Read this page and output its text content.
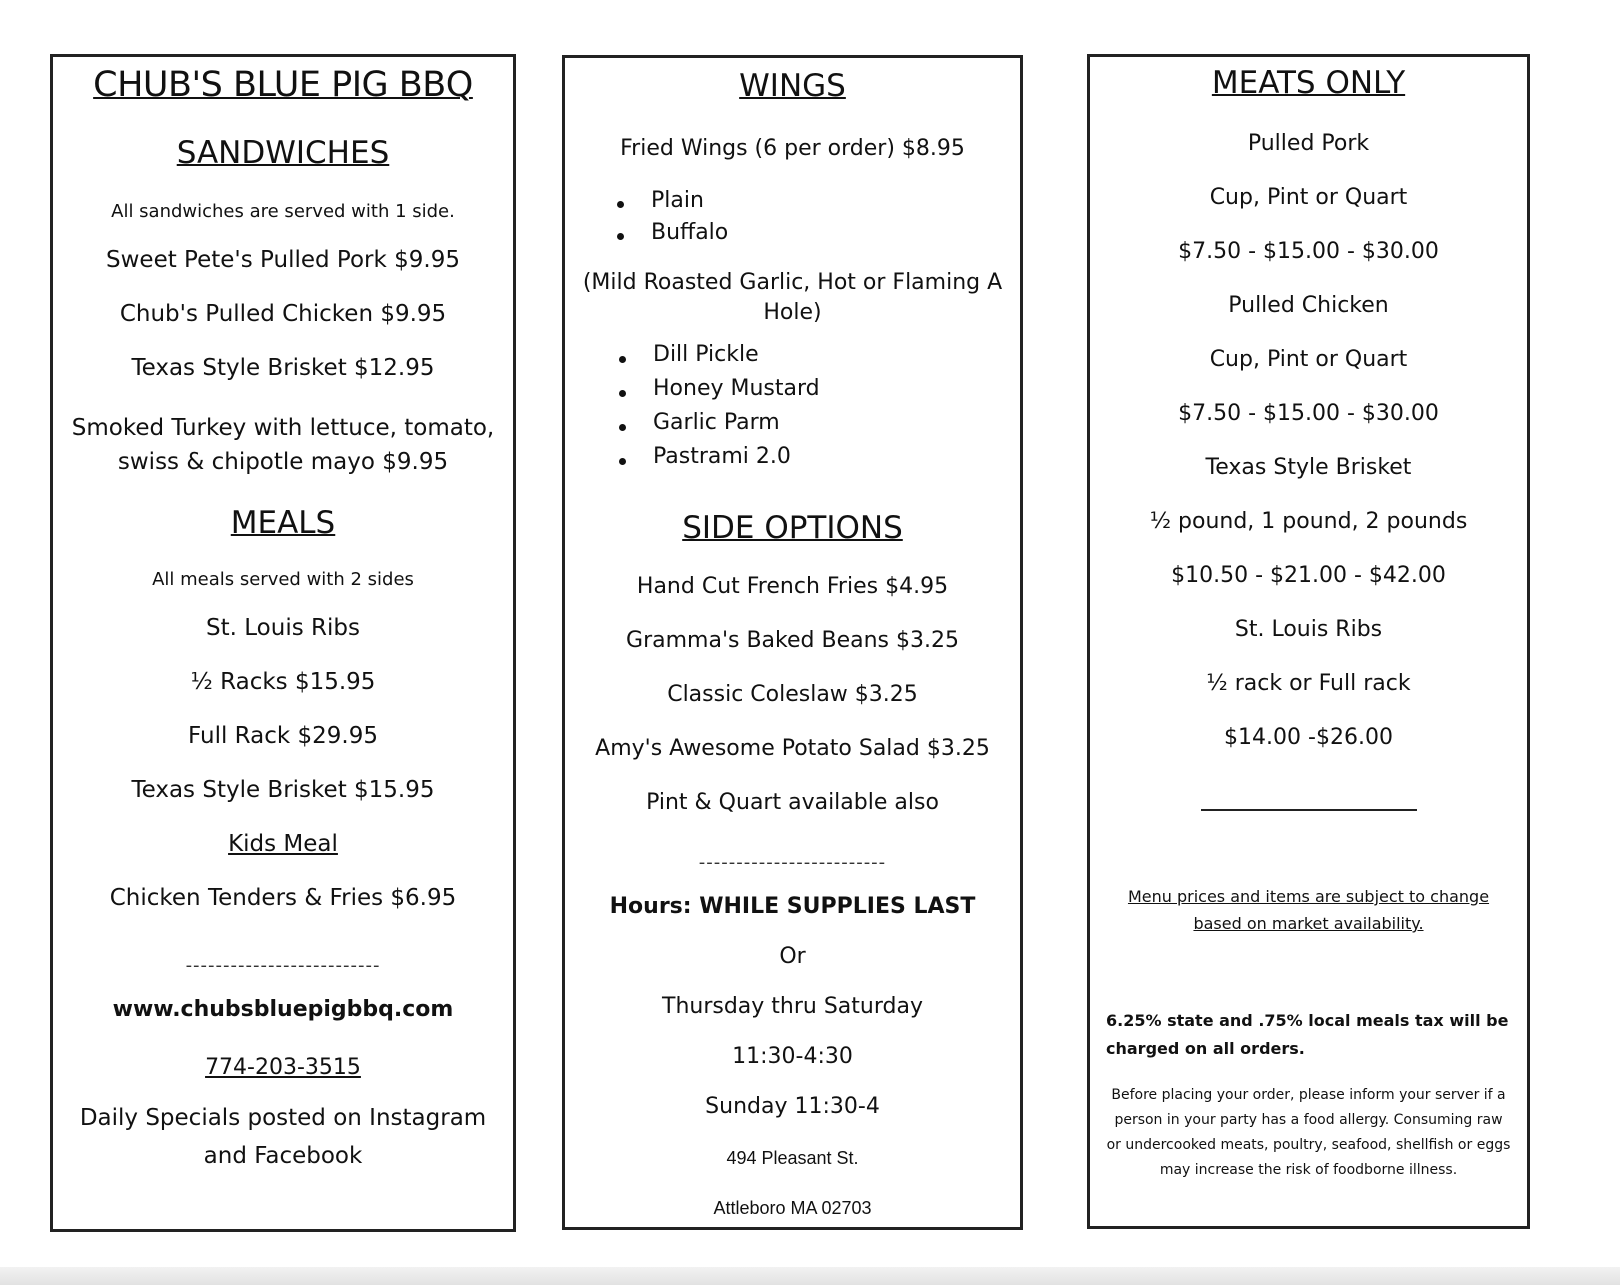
CHUB'S BLUE PIG BBQ
SANDWICHES
All sandwiches are served with 1 side.
Sweet Pete's Pulled Pork $9.95
Chub's Pulled Chicken $9.95
Texas Style Brisket $12.95
Smoked Turkey with lettuce, tomato, swiss & chipotle mayo $9.95
MEALS
All meals served with 2 sides
St. Louis Ribs
½ Racks $15.95
Full Rack $29.95
Texas Style Brisket $15.95
Kids Meal
Chicken Tenders & Fries $6.95
--------------------------
www.chubsbluepigbbq.com
774-203-3515
Daily Specials posted on Instagram and Facebook
WINGS
Fried Wings (6 per order) $8.95
Plain
Buffalo
(Mild Roasted Garlic, Hot or Flaming A Hole)
Dill Pickle
Honey Mustard
Garlic Parm
Pastrami 2.0
SIDE OPTIONS
Hand Cut French Fries $4.95
Gramma's Baked Beans $3.25
Classic Coleslaw $3.25
Amy's Awesome Potato Salad $3.25
Pint & Quart available also
-------------------------
Hours: WHILE SUPPLIES LAST
Or
Thursday thru Saturday
11:30-4:30
Sunday 11:30-4
494 Pleasant St.
Attleboro MA 02703
MEATS ONLY
Pulled Pork
Cup, Pint or Quart
$7.50 - $15.00 - $30.00
Pulled Chicken
Cup, Pint or Quart
$7.50 - $15.00 - $30.00
Texas Style Brisket
½ pound, 1 pound, 2 pounds
$10.50 - $21.00 - $42.00
St. Louis Ribs
½ rack or Full rack
$14.00 -$26.00
Menu prices and items are subject to change based on market availability.
6.25% state and .75% local meals tax will be charged on all orders.
Before placing your order, please inform your server if a person in your party has a food allergy. Consuming raw or undercooked meats, poultry, seafood, shellfish or eggs may increase the risk of foodborne illness.
